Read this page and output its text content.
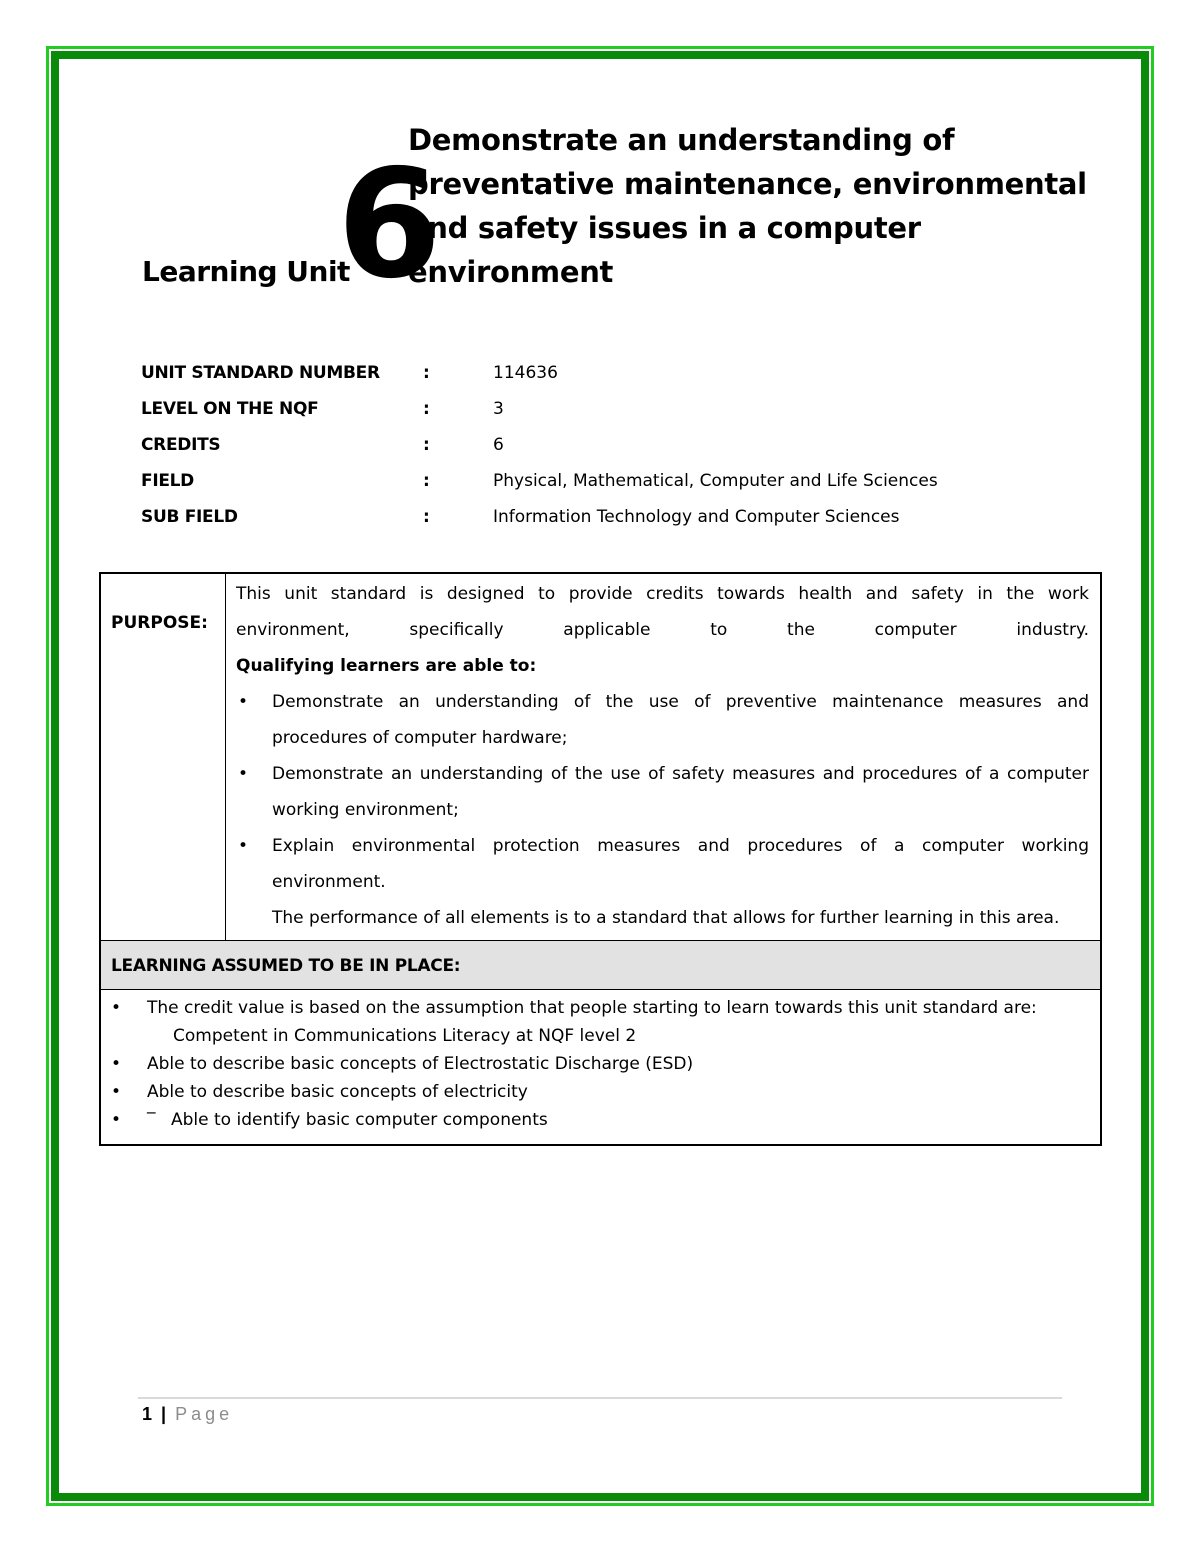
Learning Unit
6
Demonstrate an understanding of
preventative maintenance, environmental
and safety issues in a computer environment
UNIT STANDARD NUMBER	:	114636
LEVEL ON THE NQF	:	3
CREDITS	:	6
FIELD	:	Physical, Mathematical, Computer and Life Sciences
SUB FIELD	:	Information Technology and Computer Sciences
PURPOSE:
This unit standard is designed to provide credits towards health and safety in the work
environment, specifically applicable to the computer industry.
Qualifying learners are able to:
• Demonstrate an understanding of the use of preventive maintenance measures and procedures of computer hardware;
• Demonstrate an understanding of the use of safety measures and procedures of a computer working environment;
• Explain environmental protection measures and procedures of a computer working environment.
The performance of all elements is to a standard that allows for further learning in this area.
LEARNING ASSUMED TO BE IN PLACE:
• The credit value is based on the assumption that people starting to learn towards this unit standard are:
Competent in Communications Literacy at NQF level 2
• Able to describe basic concepts of Electrostatic Discharge (ESD)
• Able to describe basic concepts of electricity
• ‾ Able to identify basic computer components
1 | Page
